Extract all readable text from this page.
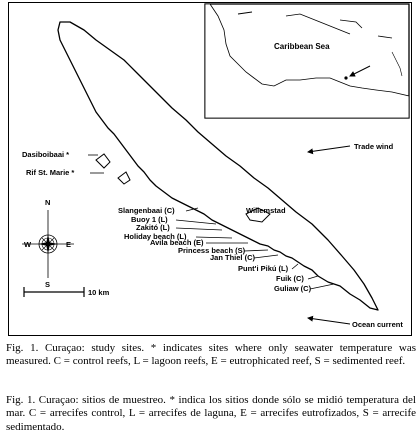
Caribbean Sea
Dasiboibaai *
Rif St. Marie *
Slangenbaai (C)
Buoy 1 (L)
Zakitó (L)
Holiday beach (L)
Avila beach (E)
Princess beach (S)
Jan Thiel (C)
Punt'i Pikú (L)
Fuik (C)
Guliaw (C)
Willemstad
Trade wind
Ocean current
N
S
W	E
10 km

Fig. 1. Curaçao: study sites. * indicates sites where only seawater temperature was measured. C = control reefs, L = lagoon reefs, E = eutrophicated reef, S = sedimented reef.

Fig. 1. Curaçao: sitios de muestreo. * indica los sitios donde sólo se midió temperatura del mar. C = arrecifes control, L = arrecifes de laguna, E = arrecifes eutrofizados, S = arrecife sedimentado.
